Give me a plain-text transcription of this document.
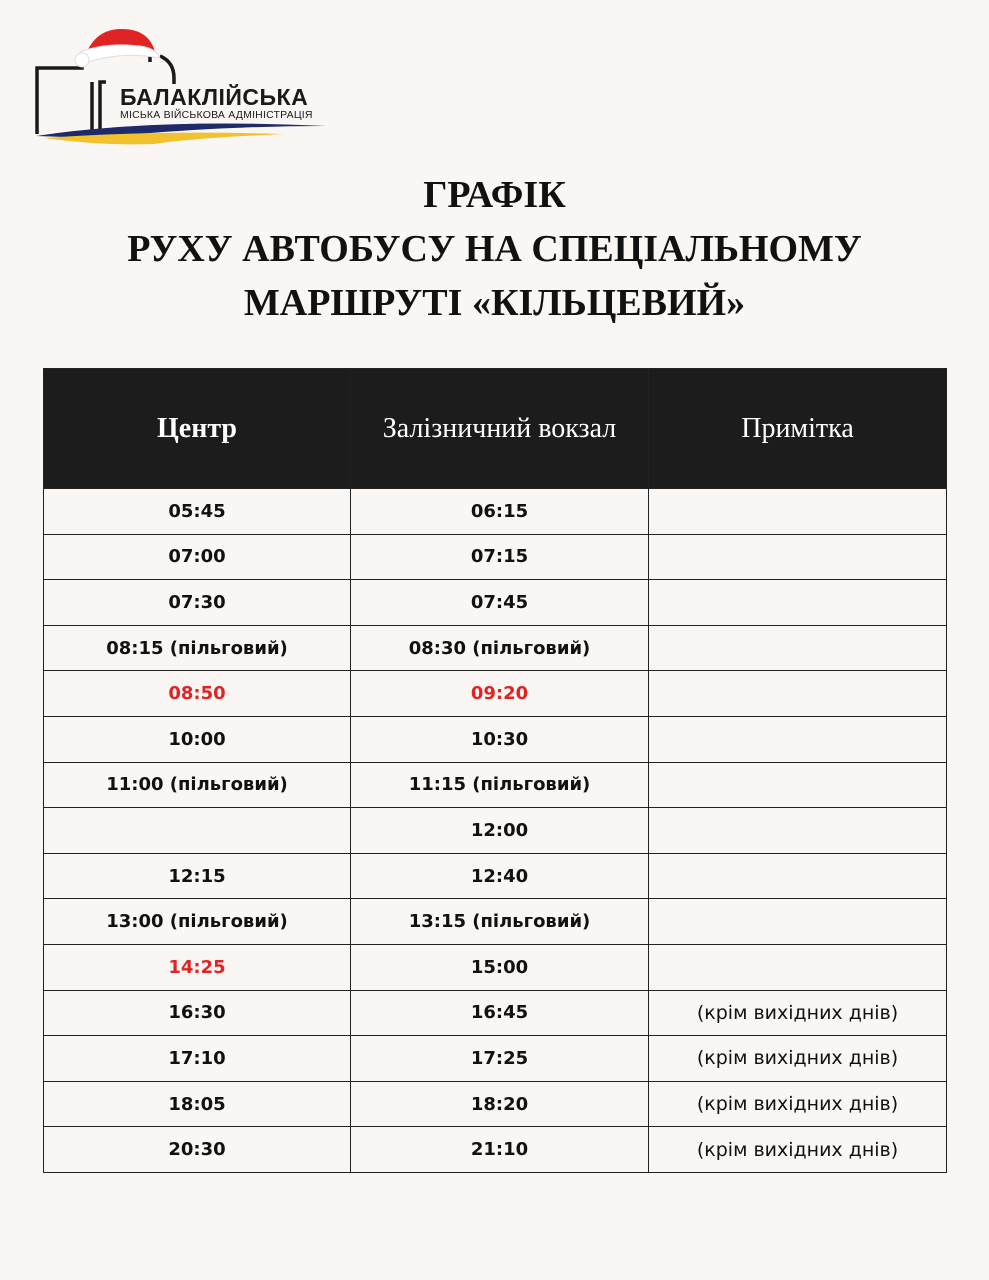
БАЛАКЛІЙСЬКА
МІСЬКА ВІЙСЬКОВА АДМІНІСТРАЦІЯ
ГРАФІК
РУХУ АВТОБУСУ НА СПЕЦІАЛЬНОМУ
МАРШРУТІ «КІЛЬЦЕВИЙ»
Центр	Залізничний вокзал	Примітка
05:45	06:15	
07:00	07:15	
07:30	07:45	
08:15 (пільговий)	08:30 (пільговий)	
08:50	09:20	
10:00	10:30	
11:00 (пільговий)	11:15 (пільговий)	
	12:00	
12:15	12:40	
13:00 (пільговий)	13:15 (пільговий)	
14:25	15:00	
16:30	16:45	(крім вихідних днів)
17:10	17:25	(крім вихідних днів)
18:05	18:20	(крім вихідних днів)
20:30	21:10	(крім вихідних днів)
